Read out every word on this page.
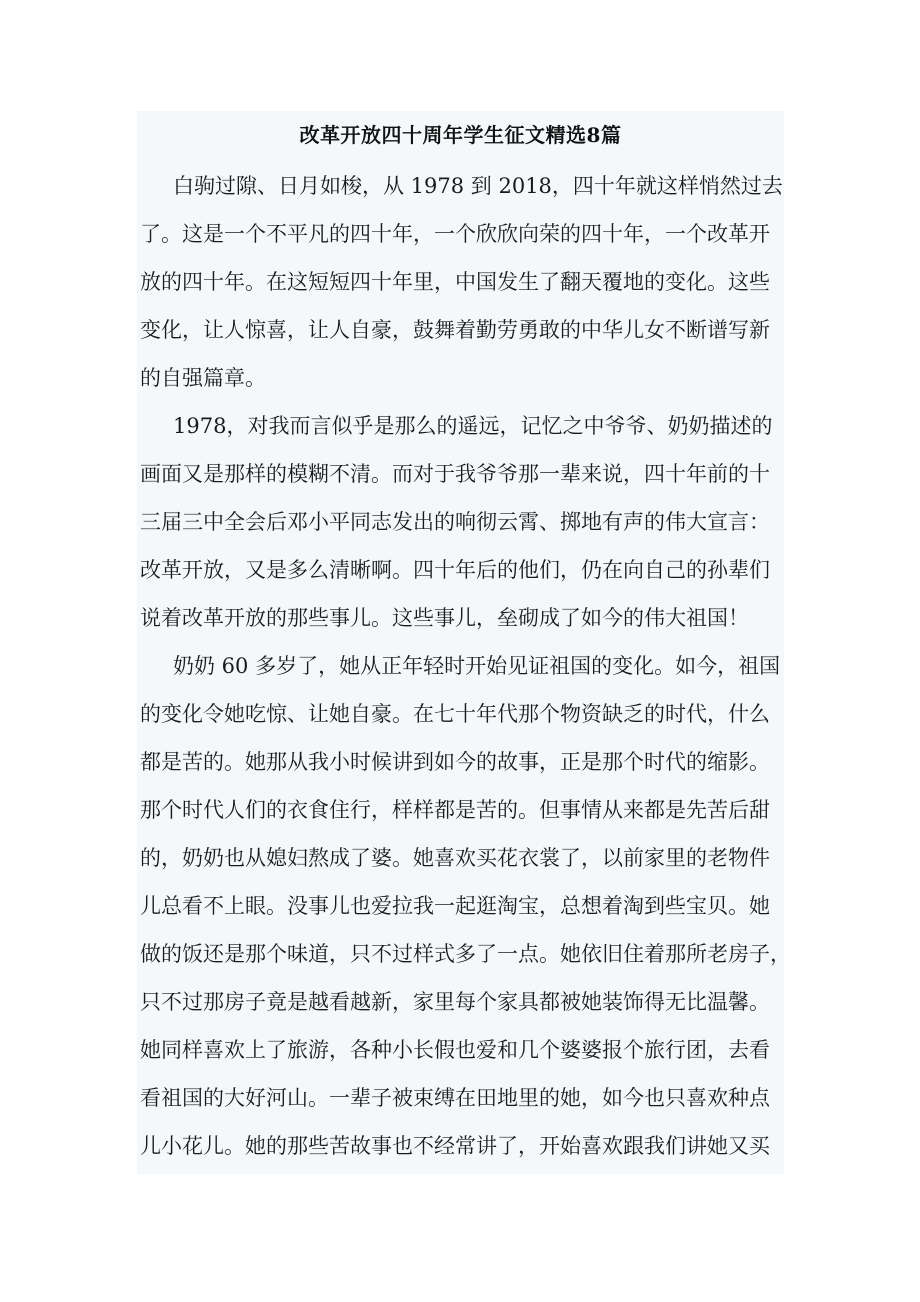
改革开放四十周年学生征文精选8篇
白驹过隙、日月如梭，从 1978 到 2018，四十年就这样悄然过去
了。这是一个不平凡的四十年，一个欣欣向荣的四十年，一个改革开
放的四十年。在这短短四十年里，中国发生了翻天覆地的变化。这些
变化，让人惊喜，让人自豪，鼓舞着勤劳勇敢的中华儿女不断谱写新
的自强篇章。
1978，对我而言似乎是那么的遥远，记忆之中爷爷、奶奶描述的
画面又是那样的模糊不清。而对于我爷爷那一辈来说，四十年前的十
三届三中全会后邓小平同志发出的响彻云霄、掷地有声的伟大宣言：
改革开放，又是多么清晰啊。四十年后的他们，仍在向自己的孙辈们
说着改革开放的那些事儿。这些事儿，垒砌成了如今的伟大祖国！
奶奶 60 多岁了，她从正年轻时开始见证祖国的变化。如今，祖国
的变化令她吃惊、让她自豪。在七十年代那个物资缺乏的时代，什么
都是苦的。她那从我小时候讲到如今的故事，正是那个时代的缩影。
那个时代人们的衣食住行，样样都是苦的。但事情从来都是先苦后甜
的，奶奶也从媳妇熬成了婆。她喜欢买花衣裳了，以前家里的老物件
儿总看不上眼。没事儿也爱拉我一起逛淘宝，总想着淘到些宝贝。她
做的饭还是那个味道，只不过样式多了一点。她依旧住着那所老房子，
只不过那房子竟是越看越新，家里每个家具都被她装饰得无比温馨。
她同样喜欢上了旅游，各种小长假也爱和几个婆婆报个旅行团，去看
看祖国的大好河山。一辈子被束缚在田地里的她，如今也只喜欢种点
儿小花儿。她的那些苦故事也不经常讲了，开始喜欢跟我们讲她又买
